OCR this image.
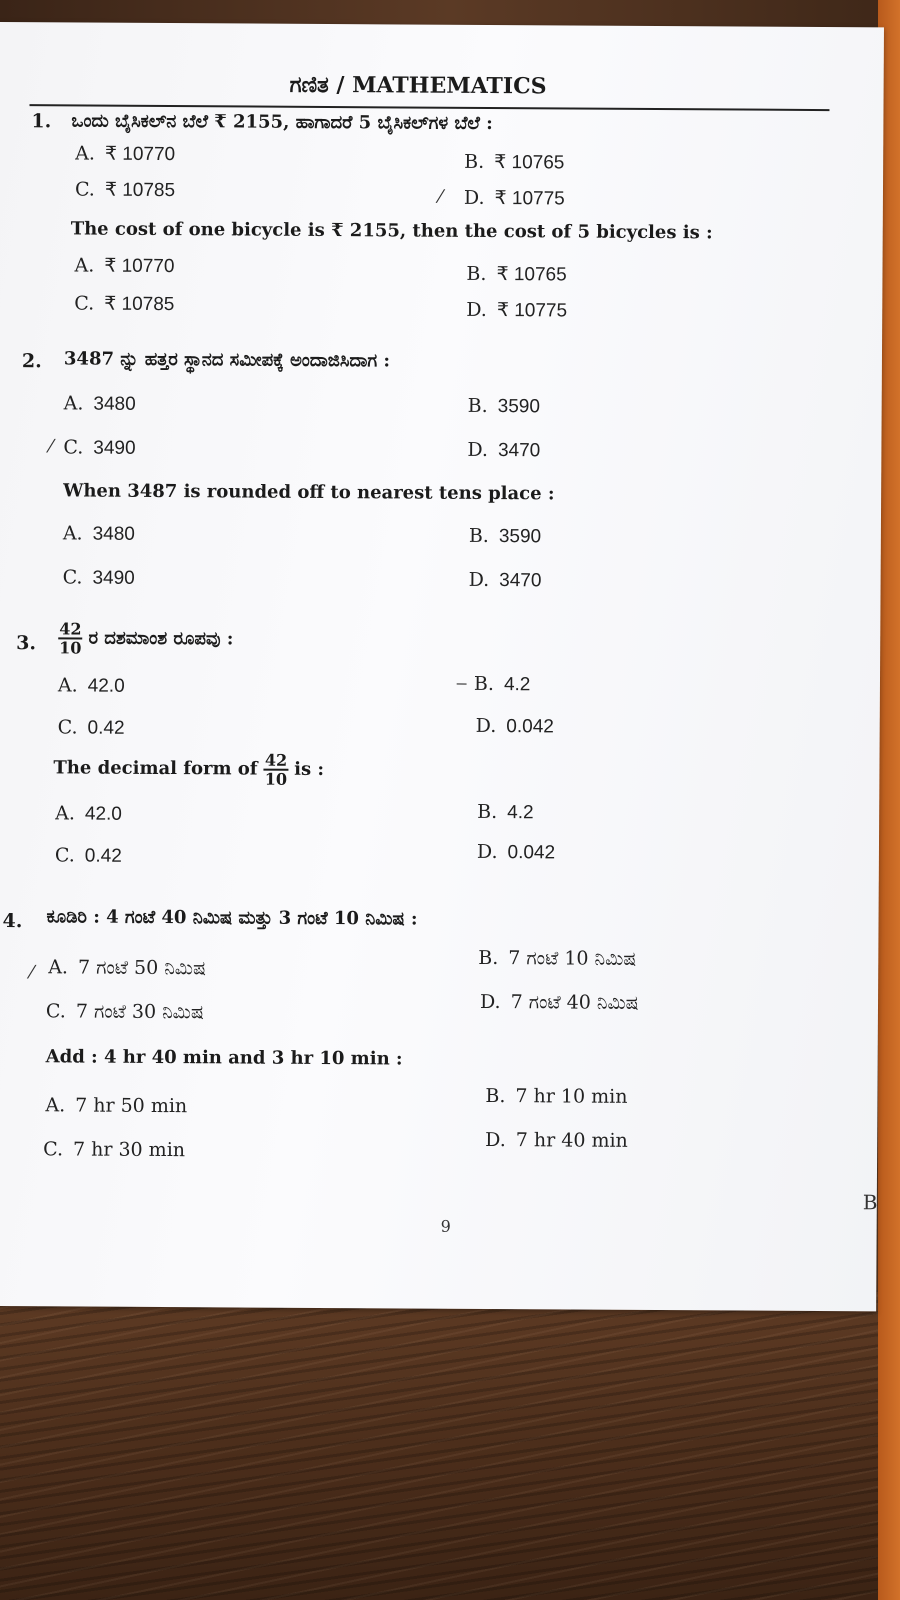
ಗಣಿತ / MATHEMATICS
1. ಒಂದು ಬೈಸಿಕಲ್‌ನ ಬೆಲೆ ₹ 2155, ಹಾಗಾದರೆ 5 ಬೈಸಿಕಲ್‌ಗಳ ಬೆಲೆ :
A. ₹ 10770	B. ₹ 10765
C. ₹ 10785	⁄ D. ₹ 10775
The cost of one bicycle is ₹ 2155, then the cost of 5 bicycles is :
A. ₹ 10770	B. ₹ 10765
C. ₹ 10785	D. ₹ 10775
2. 3487 ನ್ನು ಹತ್ತರ ಸ್ಥಾನದ ಸಮೀಪಕ್ಕೆ ಅಂದಾಜಿಸಿದಾಗ :
A. 3480	B. 3590
⁄ C. 3490	D. 3470
When 3487 is rounded off to nearest tens place :
A. 3480	B. 3590
C. 3490	D. 3470
3. $\frac{42}{10}$ ರ ದಶಮಾಂಶ ರೂಪವು :
A. 42.0	‒ B. 4.2
C. 0.42	D. 0.042
The decimal form of $\frac{42}{10}$ is :
A. 42.0	B. 4.2
C. 0.42	D. 0.042
4. ಕೂಡಿರಿ : 4 ಗಂಟೆ 40 ನಿಮಿಷ ಮತ್ತು 3 ಗಂಟೆ 10 ನಿಮಿಷ :
⁄ A. 7 ಗಂಟೆ 50 ನಿಮಿಷ	B. 7 ಗಂಟೆ 10 ನಿಮಿಷ
C. 7 ಗಂಟೆ 30 ನಿಮಿಷ	D. 7 ಗಂಟೆ 40 ನಿಮಿಷ
Add : 4 hr 40 min and 3 hr 10 min :
A. 7 hr 50 min	B. 7 hr 10 min
C. 7 hr 30 min	D. 7 hr 40 min
9
B
